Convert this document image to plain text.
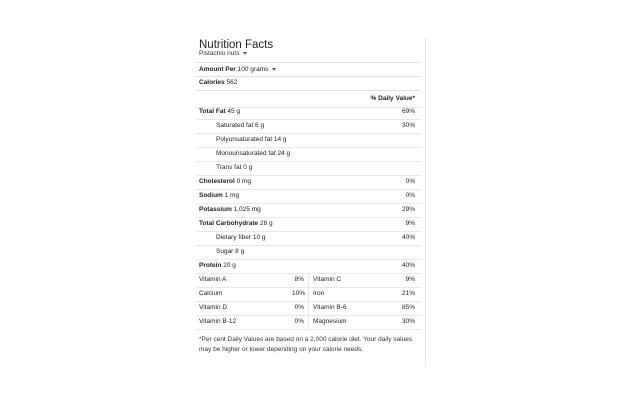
Nutrition Facts
Pistachio nuts
Amount Per
100 grams
Calories 562
% Daily Value*
Total Fat 45 g	69%
Saturated fat 6 g	30%
Polyunsaturated fat 14 g
Monounsaturated fat 24 g
Trans fat 0 g
Cholesterol 0 mg	0%
Sodium 1 mg	0%
Potassium 1,025 mg	29%
Total Carbohydrate 28 g	9%
Dietary fiber 10 g	40%
Sugar 8 g
Protein 20 g	40%
Vitamin A	8% Vitamin C	9%
Calcium	10% Iron	21%
Vitamin D	0% Vitamin B-6	85%
Vitamin B-12	0% Magnesium	30%
*Per cent Daily Values are based on a 2,000 calorie diet. Your daily values may be higher or lower depending on your calorie needs.
